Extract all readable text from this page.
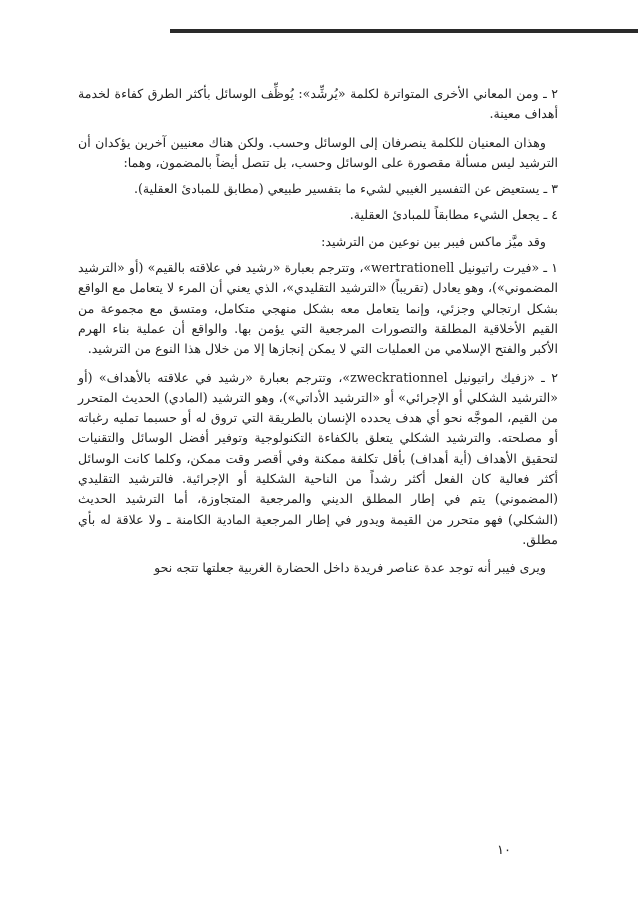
٢ ـ ومن المعاني الأخرى المتواترة لكلمة «يُرشِّد»: يُوظِّف الوسائل بأكثر الطرق كفاءة لخدمة أهداف معينة.

وهذان المعنيان للكلمة ينصرفان إلى الوسائل وحسب. ولكن هناك معنيين آخرين يؤكدان أن الترشيد ليس مسألة مقصورة على الوسائل وحسب، بل تتصل أيضاً بالمضمون، وهما:

٣ ـ يستعيض عن التفسير الغيبي لشيء ما بتفسير طبيعي (مطابق للمبادئ العقلية).

٤ ـ يجعل الشيء مطابقاً للمبادئ العقلية.

وقد ميَّز ماكس فيبر بين نوعين من الترشيد:

١ ـ «فيرت راتيونيل wertrationell»، وتترجم بعبارة «رشيد في علاقته بالقيم» (أو «الترشيد المضموني»)، وهو يعادل (تقريباً) «الترشيد التقليدي»، الذي يعني أن المرء لا يتعامل مع الواقع بشكل ارتجالي وجزئي، وإنما يتعامل معه بشكل منهجي متكامل، ومتسق مع مجموعة من القيم الأخلاقية المطلقة والتصورات المرجعية التي يؤمن بها. والواقع أن عملية بناء الهرم الأكبر والفتح الإسلامي من العمليات التي لا يمكن إنجازها إلا من خلال هذا النوع من الترشيد.

٢ ـ «زفيك راتيونيل zweckrationnel»، وتترجم بعبارة «رشيد في علاقته بالأهداف» (أو «الترشيد الشكلي أو الإجرائي» أو «الترشيد الأداتي»)، وهو الترشيد (المادي) الحديث المتحرر من القيم، الموجَّه نحو أي هدف يحدده الإنسان بالطريقة التي تروق له أو حسبما تمليه رغباته أو مصلحته. والترشيد الشكلي يتعلق بالكفاءة التكنولوجية وتوفير أفضل الوسائل والتقنيات لتحقيق الأهداف (أية أهداف) بأقل تكلفة ممكنة وفي أقصر وقت ممكن، وكلما كانت الوسائل أكثر فعالية كان الفعل أكثر رشداً من الناحية الشكلية أو الإجرائية. فالترشيد التقليدي (المضموني) يتم في إطار المطلق الديني والمرجعية المتجاوزة، أما الترشيد الحديث (الشكلي) فهو متحرر من القيمة ويدور في إطار المرجعية المادية الكامنة ـ ولا علاقة له بأي مطلق.

ويرى فيبر أنه توجد عدة عناصر فريدة داخل الحضارة الغربية جعلتها تتجه نحو

١٠
